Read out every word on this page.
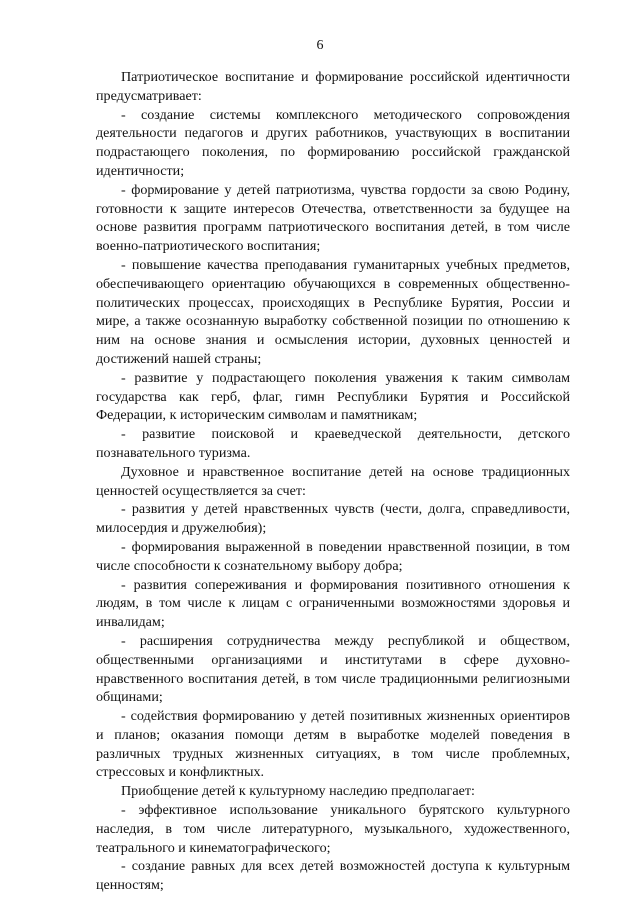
6

Патриотическое воспитание и формирование российской идентичности предусматривает:

- создание системы комплексного методического сопровождения деятельности педагогов и других работников, участвующих в воспитании подрастающего поколения, по формированию российской гражданской идентичности;

- формирование у детей патриотизма, чувства гордости за свою Родину, готовности к защите интересов Отечества, ответственности за будущее на основе развития программ патриотического воспитания детей, в том числе военно-патриотического воспитания;

- повышение качества преподавания гуманитарных учебных предметов, обеспечивающего ориентацию обучающихся в современных общественно-политических процессах, происходящих в Республике Бурятия, России и мире, а также осознанную выработку собственной позиции по отношению к ним на основе знания и осмысления истории, духовных ценностей и достижений нашей страны;

- развитие у подрастающего поколения уважения к таким символам государства как герб, флаг, гимн Республики Бурятия и Российской Федерации, к историческим символам и памятникам;

- развитие поисковой и краеведческой деятельности, детского познавательного туризма.

Духовное и нравственное воспитание детей на основе традиционных ценностей осуществляется за счет:

- развития у детей нравственных чувств (чести, долга, справедливости, милосердия и дружелюбия);

- формирования выраженной в поведении нравственной позиции, в том числе способности к сознательному выбору добра;

- развития сопереживания и формирования позитивного отношения к людям, в том числе к лицам с ограниченными возможностями здоровья и инвалидам;

- расширения сотрудничества между республикой и обществом, общественными организациями и институтами в сфере духовно-нравственного воспитания детей, в том числе традиционными религиозными общинами;

- содействия формированию у детей позитивных жизненных ориентиров и планов; оказания помощи детям в выработке моделей поведения в различных трудных жизненных ситуациях, в том числе проблемных, стрессовых и конфликтных.

Приобщение детей к культурному наследию предполагает:

- эффективное использование уникального бурятского культурного наследия, в том числе литературного, музыкального, художественного, театрального и кинематографического;

- создание равных для всех детей возможностей доступа к культурным ценностям;
